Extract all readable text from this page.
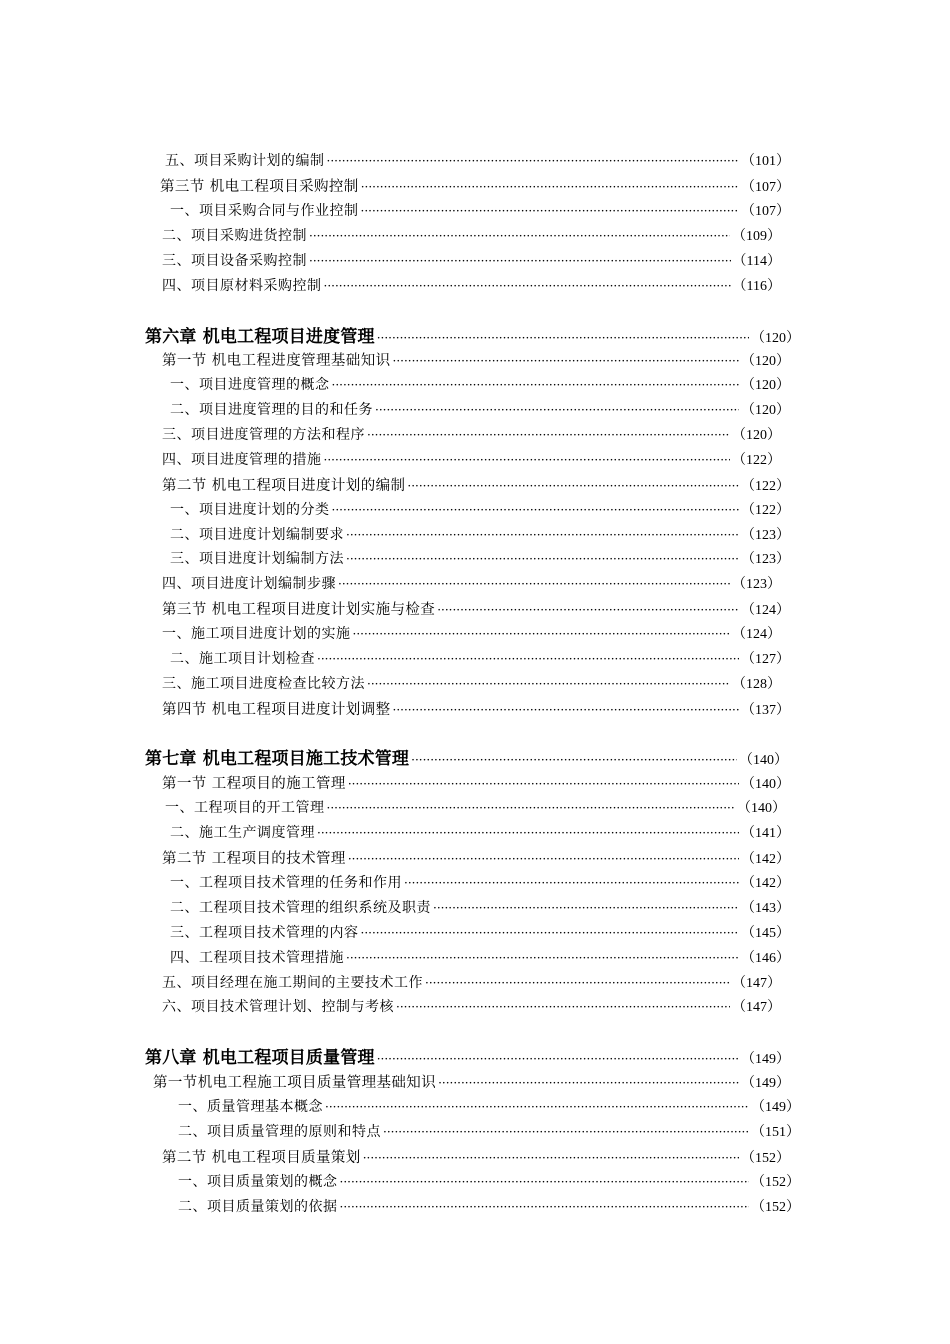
五、项目采购计划的编制 ·····	（101）
第三节 机电工程项目采购控制 ·····	（107）
一、项目采购合同与作业控制 ·····	（107）
二、项目采购进货控制 ·····	（109）
三、项目设备采购控制 ·····	（114）
四、项目原材料采购控制 ·····	（116）
第六章 机电工程项目进度管理 ·····	（120）
第一节 机电工程进度管理基础知识 ·····	（120）
一、项目进度管理的概念 ·····	（120）
二、项目进度管理的目的和任务 ·····	（120）
三、项目进度管理的方法和程序 ·····	（120）
四、项目进度管理的措施 ·····	（122）
第二节 机电工程项目进度计划的编制 ·····	（122）
一、项目进度计划的分类 ·····	（122）
二、项目进度计划编制要求 ·····	（123）
三、项目进度计划编制方法 ·····	（123）
四、项目进度计划编制步骤 ·····	（123）
第三节 机电工程项目进度计划实施与检查 ·····	（124）
一、施工项目进度计划的实施 ·····	（124）
二、施工项目计划检查 ·····	（127）
三、施工项目进度检查比较方法 ·····	（128）
第四节 机电工程项目进度计划调整 ·····	（137）
第七章 机电工程项目施工技术管理 ·····	（140）
第一节 工程项目的施工管理 ·····	（140）
一、工程项目的开工管理 ·····	（140）
二、施工生产调度管理 ·····	（141）
第二节 工程项目的技术管理 ·····	（142）
一、工程项目技术管理的任务和作用 ·····	（142）
二、工程项目技术管理的组织系统及职责 ·····	（143）
三、工程项目技术管理的内容 ·····	（145）
四、工程项目技术管理措施 ·····	（146）
五、项目经理在施工期间的主要技术工作 ·····	（147）
六、项目技术管理计划、控制与考核 ·····	（147）
第八章 机电工程项目质量管理 ·····	（149）
第一节机电工程施工项目质量管理基础知识 ·····	（149）
一、质量管理基本概念 ·····	（149）
二、项目质量管理的原则和特点 ·····	（151）
第二节 机电工程项目质量策划 ·····	（152）
一、项目质量策划的概念 ·····	（152）
二、项目质量策划的依据 ·····	（152）
